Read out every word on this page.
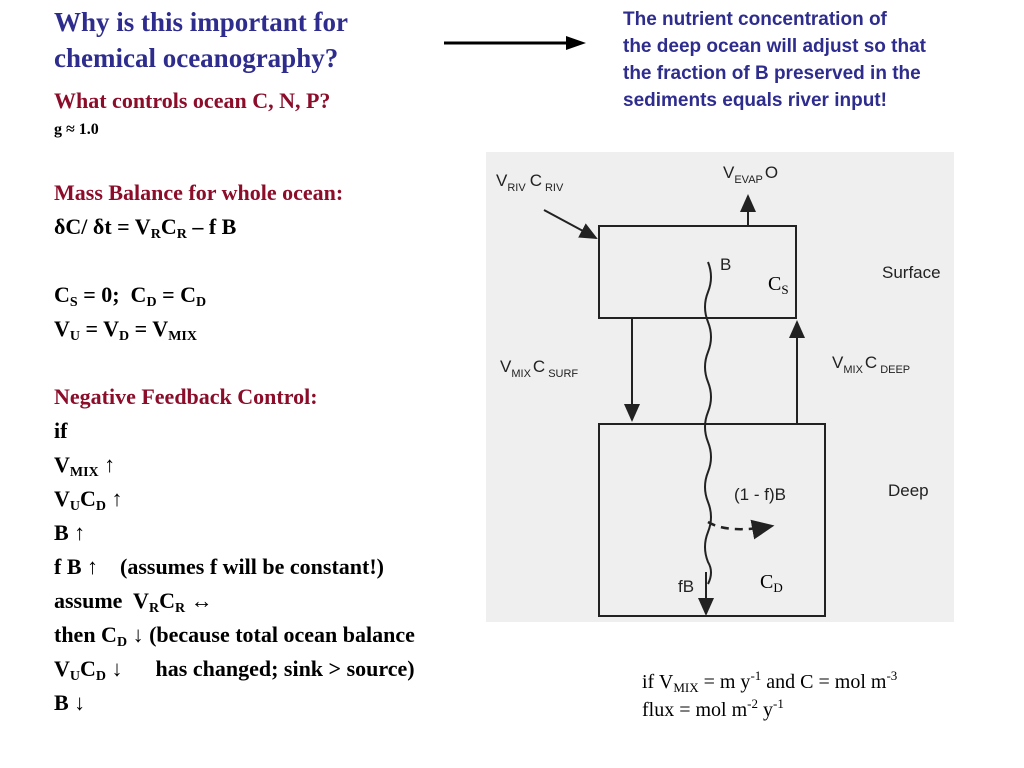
Why is this important for
chemical oceanography?
What controls ocean C, N, P?
g ≈ 1.0
The nutrient concentration of
the deep ocean will adjust so that
the fraction of B preserved in the
sediments equals river input!
Mass Balance for whole ocean:
δC/ $\delta t = V_RC_R - f$ B
$C_S = 0$;  $C_D = C_D$
$V_U = V_D = V_{MIX}$
Negative Feedback Control:
if
$V_{MIX}$ ↑
$V_UC_D$ ↑
B ↑
f B ↑    (assumes f will be constant!)
assume  $V_RC_R$ ↔
then $C_D$ ↓ (because total ocean balance
$V_UC_D$ ↓      has changed; sink > source)
B ↓
$V_{RIV}$ C $_{RIV}$
$V_{EVAP}$ O
B
$C_S$
Surface
$V_{MIX}$ C $_{SURF}$
$V_{MIX}$ C $_{DEEP}$
(1 - f)B	Deep
fB	$C_D$
if $V_{MIX} = m$ $y^{-1}$ and C = mol $m^{-3}$
flux = mol $m^{-2}$ $y^{-1}$
